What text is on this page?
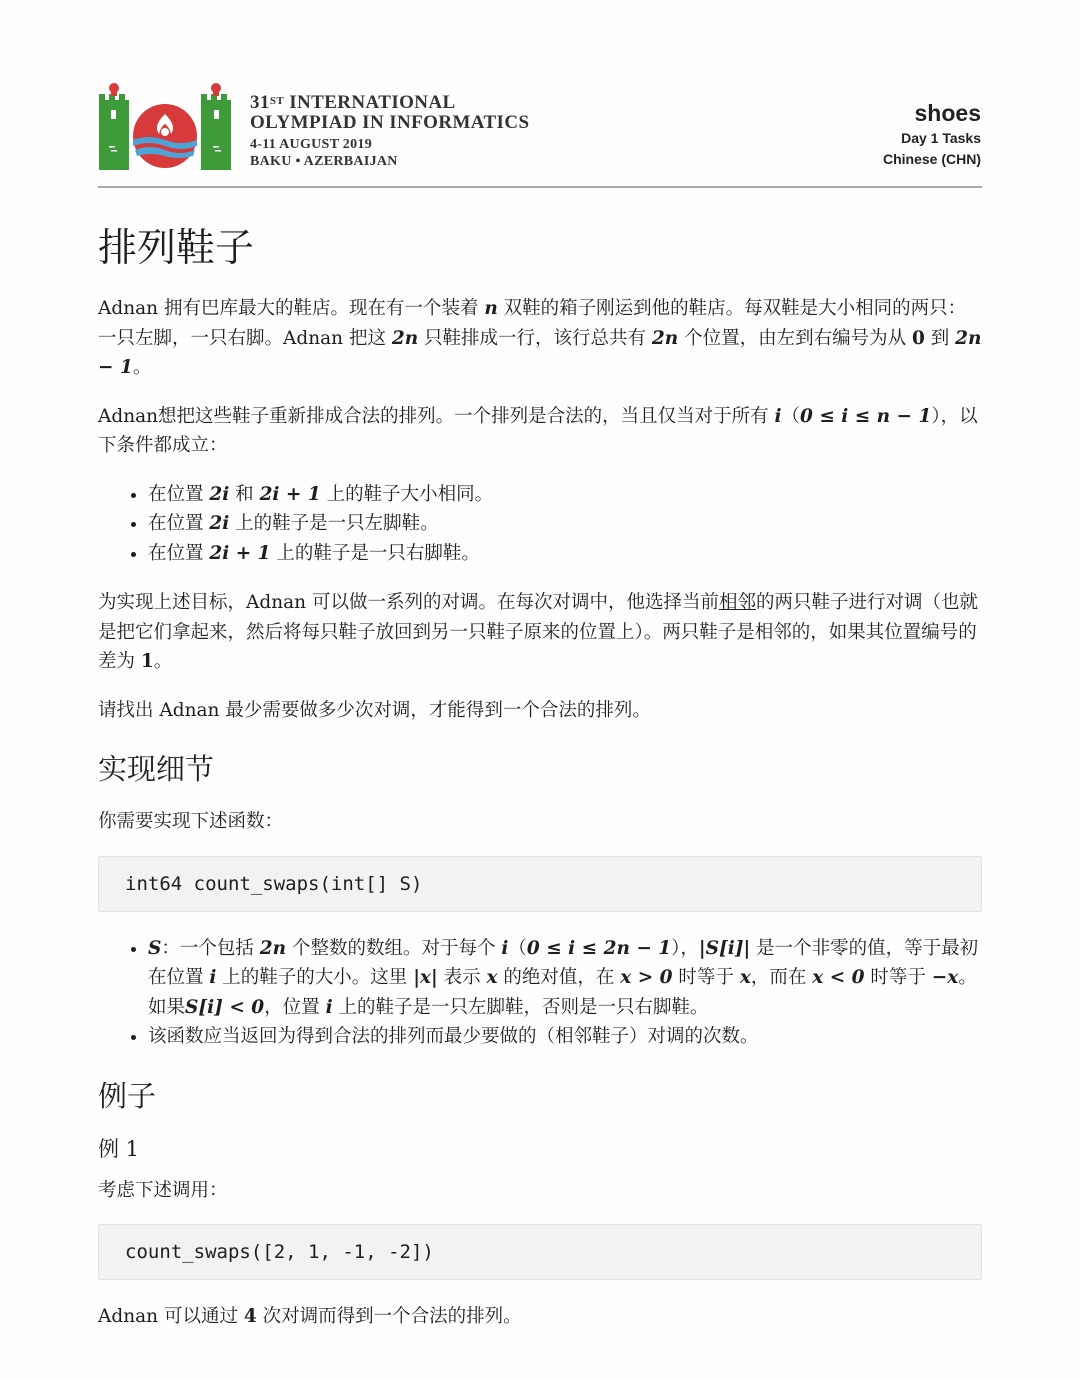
31ST INTERNATIONAL
OLYMPIAD IN INFORMATICS
4-11 AUGUST 2019
BAKU • AZERBAIJAN
shoes
Day 1 Tasks
Chinese (CHN)
排列鞋子

Adnan 拥有巴库最大的鞋店。现在有一个装着 n 双鞋的箱子刚运到他的鞋店。每双鞋是大小相同的两只：一只左脚，一只右脚。Adnan 把这 2n 只鞋排成一行，该行总共有 2n 个位置，由左到右编号为从 0 到 2n − 1。

Adnan想把这些鞋子重新排成合法的排列。一个排列是合法的，当且仅当对于所有 i（0 ≤ i ≤ n − 1），以下条件都成立：

• 在位置 2i 和 2i + 1 上的鞋子大小相同。
• 在位置 2i 上的鞋子是一只左脚鞋。
• 在位置 2i + 1 上的鞋子是一只右脚鞋。

为实现上述目标，Adnan 可以做一系列的对调。在每次对调中，他选择当前相邻的两只鞋子进行对调（也就是把它们拿起来，然后将每只鞋子放回到另一只鞋子原来的位置上）。两只鞋子是相邻的，如果其位置编号的差为 1。

请找出 Adnan 最少需要做多少次对调，才能得到一个合法的排列。

实现细节

你需要实现下述函数：

int64 count_swaps(int[] S)
• S：一个包括 2n 个整数的数组。对于每个 i（0 ≤ i ≤ 2n − 1），|S[i]| 是一个非零的值，等于最初在位置 i 上的鞋子的大小。这里 |x| 表示 x 的绝对值，在 x > 0 时等于 x，而在 x < 0 时等于 −x。如果S[i] < 0，位置 i 上的鞋子是一只左脚鞋，否则是一只右脚鞋。
• 该函数应当返回为得到合法的排列而最少要做的（相邻鞋子）对调的次数。
例子
例 1

考虑下述调用：

count_swaps([2, 1, -1, -2])

Adnan 可以通过 4 次对调而得到一个合法的排列。
